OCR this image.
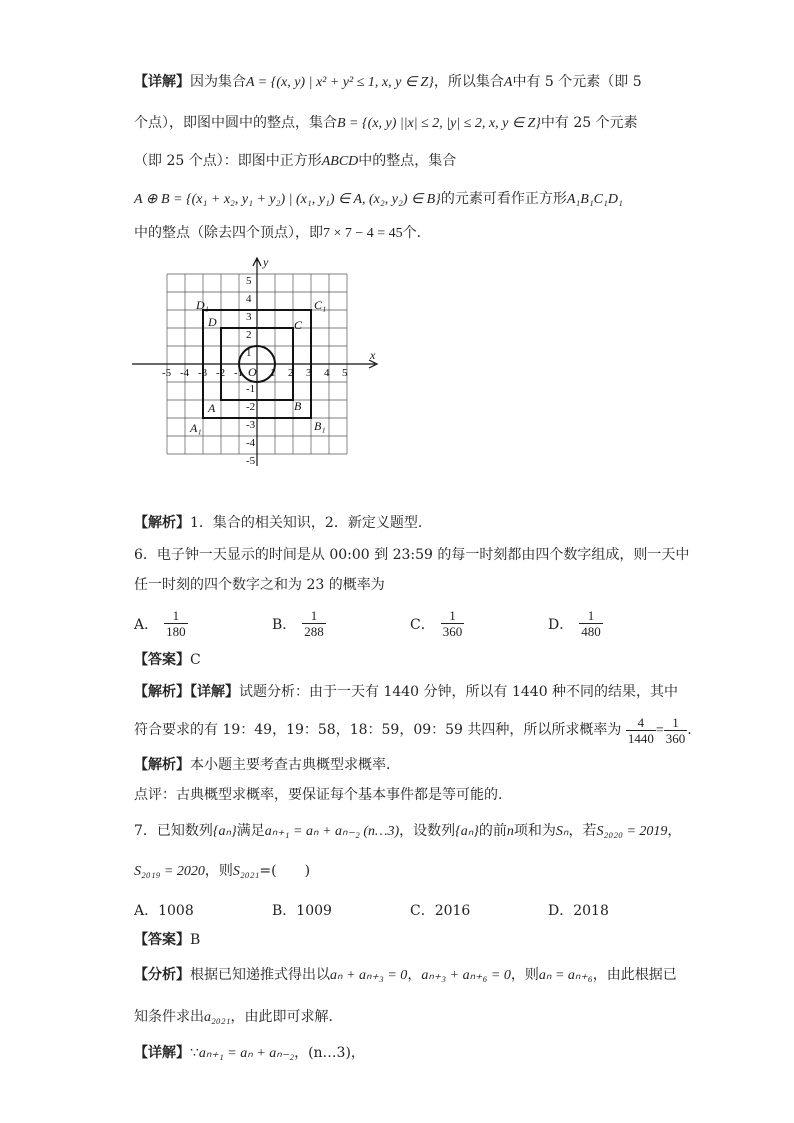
【详解】因为集合A = {(x, y) | x² + y² ≤ 1, x, y ∈ Z}，所以集合A中有 5 个元素（即 5
个点），即图中圆中的整点，集合B = {(x, y) ||x| ≤ 2, |y| ≤ 2, x, y ∈ Z}中有 25 个元素
（即 25 个点）：即图中正方形ABCD中的整点，集合
A ⊕ B = {(x₁ + x₂, y₁ + y₂) | (x₁, y₁) ∈ A, (x₂, y₂) ∈ B}的元素可看作正方形A₁B₁C₁D₁
中的整点（除去四个顶点），即7 × 7 − 4 = 45个．
x
y
O
D₁	C₁
D	C
A	B
A₁	B₁
-5 -4 -3 -2 -1 1 2 3 4 5
5
4
3
2
1
-1
-2
-3
-4
-5
【解析】1．集合的相关知识，2．新定义题型．
6．电子钟一天显示的时间是从 00:00 到 23:59 的每一时刻都由四个数字组成，则一天中
任一时刻的四个数字之和为 23 的概率为
A． $\frac{1}{180}$	B． $\frac{1}{288}$	C． $\frac{1}{360}$	D． $\frac{1}{480}$
【答案】C
【解析】【详解】试题分析：由于一天有 1440 分钟，所以有 1440 种不同的结果，其中
符合要求的有 19：49，19：58，18：59，09：59 共四种，所以所求概率为 $\frac{4}{1440} = \frac{1}{360}$ .
【解析】本小题主要考查古典概型求概率．
点评：古典概型求概率，要保证每个基本事件都是等可能的.
7．已知数列{aₙ}满足aₙ₊₁ = aₙ + aₙ₋₂ (n…3)，设数列{aₙ}的前n项和为Sₙ，若S₂₀₂₀ = 2019，
S₂₀₁₉ = 2020，则S₂₀₂₁=(　　)
A．1008	B．1009	C．2016	D．2018
【答案】B
【分析】根据已知递推式得出以aₙ + aₙ₊₃ = 0，aₙ₊₃ + aₙ₊₆ = 0，则aₙ = aₙ₊₆，由此根据已
知条件求出a₂₀₂₁，由此即可求解．
【详解】∵aₙ₊₁ = aₙ + aₙ₋₂，(n…3)，
